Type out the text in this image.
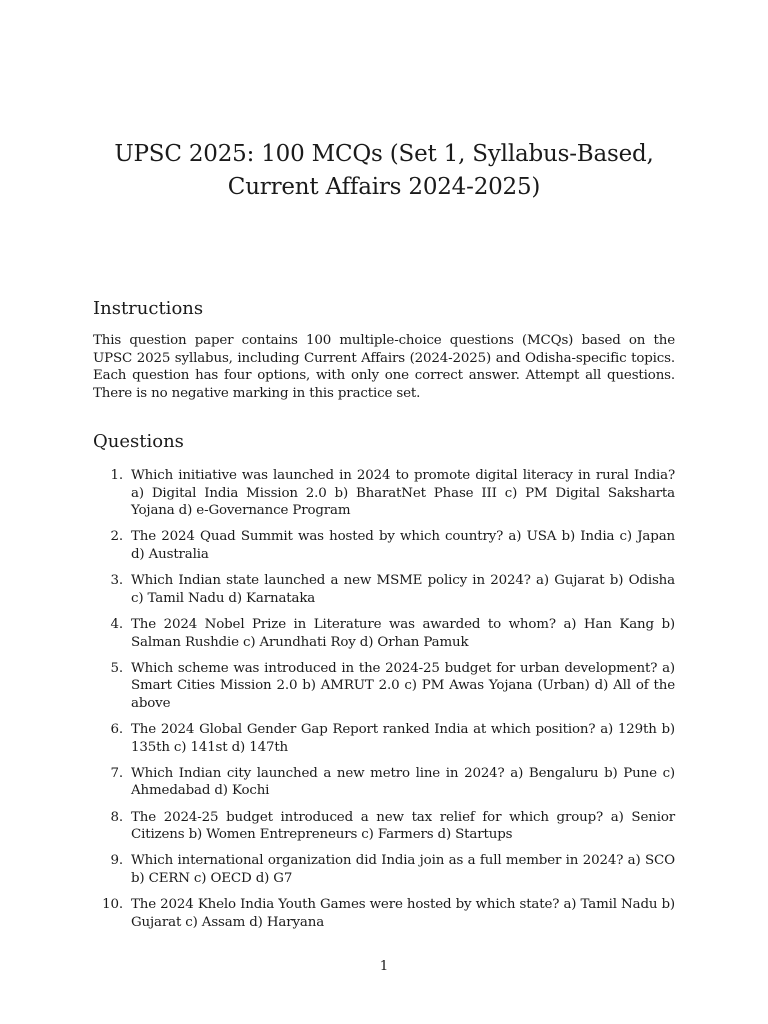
UPSC 2025: 100 MCQs (Set 1, Syllabus-Based, Current Affairs 2024-2025)
Instructions

This question paper contains 100 multiple-choice questions (MCQs) based on the UPSC 2025 syllabus, including Current Affairs (2024-2025) and Odisha-specific topics. Each question has four options, with only one correct answer. Attempt all questions. There is no negative marking in this practice set.

Questions
1. Which initiative was launched in 2024 to promote digital literacy in rural India? a) Digital India Mission 2.0 b) BharatNet Phase III c) PM Digital Saksharta Yojana d) e-Governance Program
2. The 2024 Quad Summit was hosted by which country? a) USA b) India c) Japan d) Australia
3. Which Indian state launched a new MSME policy in 2024? a) Gujarat b) Odisha c) Tamil Nadu d) Karnataka
4. The 2024 Nobel Prize in Literature was awarded to whom? a) Han Kang b) Salman Rushdie c) Arundhati Roy d) Orhan Pamuk
5. Which scheme was introduced in the 2024-25 budget for urban development? a) Smart Cities Mission 2.0 b) AMRUT 2.0 c) PM Awas Yojana (Urban) d) All of the above
6. The 2024 Global Gender Gap Report ranked India at which position? a) 129th b) 135th c) 141st d) 147th
7. Which Indian city launched a new metro line in 2024? a) Bengaluru b) Pune c) Ahmedabad d) Kochi
8. The 2024-25 budget introduced a new tax relief for which group? a) Senior Citizens b) Women Entrepreneurs c) Farmers d) Startups
9. Which international organization did India join as a full member in 2024? a) SCO b) CERN c) OECD d) G7
10. The 2024 Khelo India Youth Games were hosted by which state? a) Tamil Nadu b) Gujarat c) Assam d) Haryana

1
